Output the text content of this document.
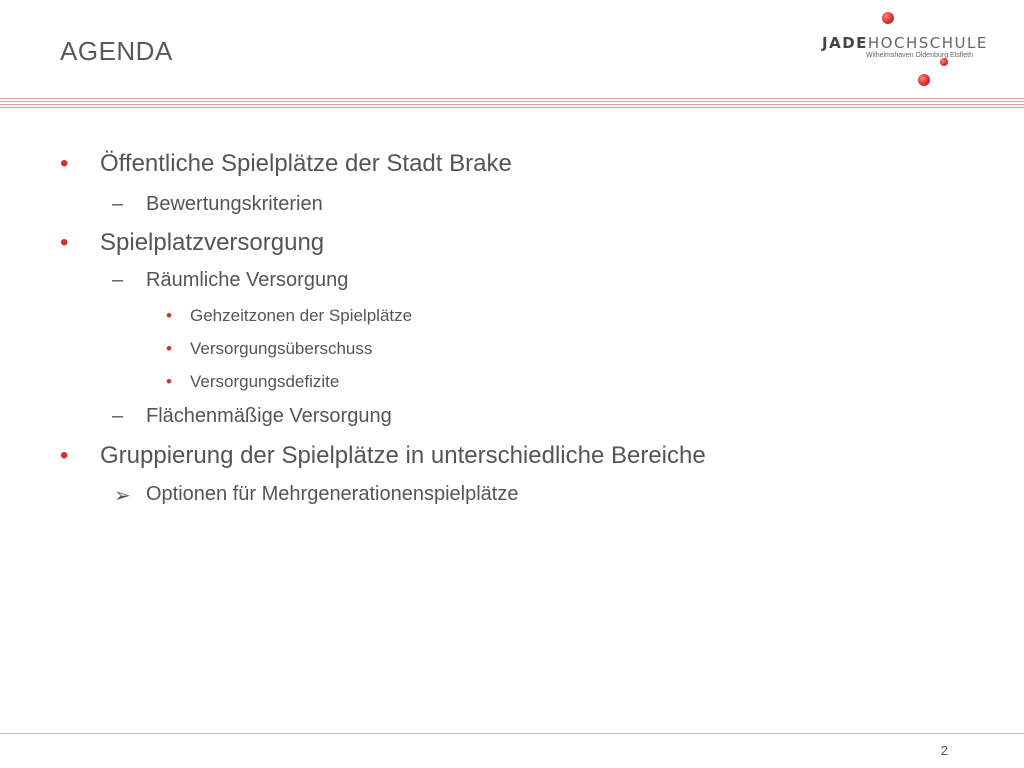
AGENDA	JADEHOCHSCHULE
Wilhelmshaven Oldenburg Elsfleth
• Öffentliche Spielplätze der Stadt Brake
– Bewertungskriterien
• Spielplatzversorgung
– Räumliche Versorgung
• Gehzeitzonen der Spielplätze
• Versorgungsüberschuss
• Versorgungsdefizite
– Flächenmäßige Versorgung
• Gruppierung der Spielplätze in unterschiedliche Bereiche
➢ Optionen für Mehrgenerationenspielplätze
2
